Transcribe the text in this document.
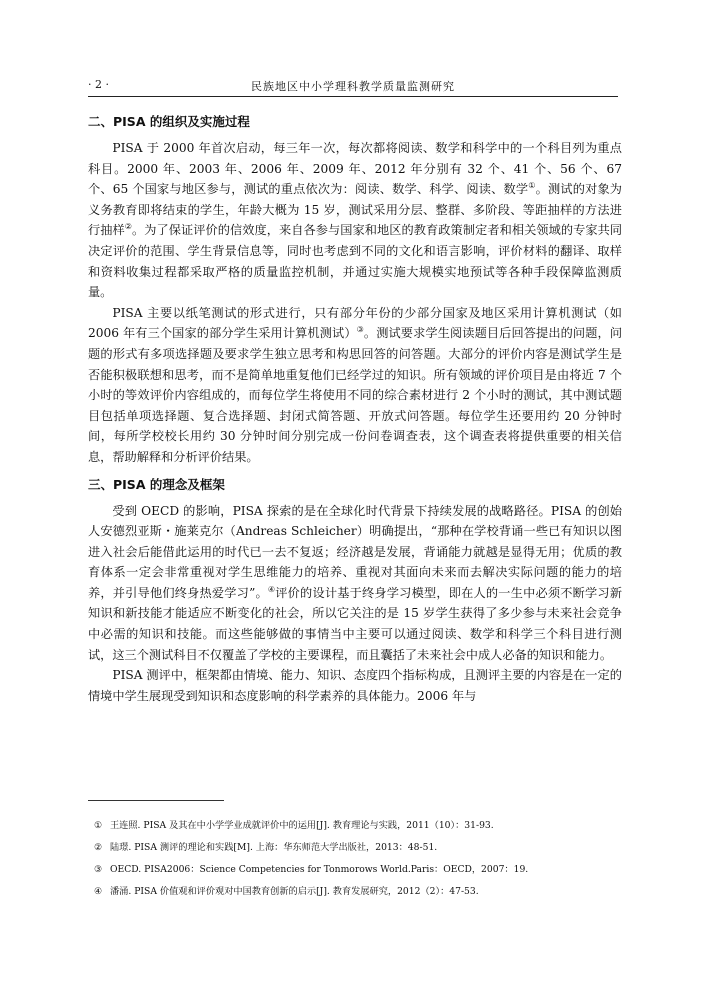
· 2 ·	民族地区中小学理科教学质量监测研究
二、PISA 的组织及实施过程

PISA 于 2000 年首次启动，每三年一次，每次都将阅读、数学和科学中的一个科目列为重点科目。2000 年、2003 年、2006 年、2009 年、2012 年分别有 32 个、41 个、56 个、67 个、65 个国家与地区参与，测试的重点依次为：阅读、数学、科学、阅读、数学①。测试的对象为义务教育即将结束的学生，年龄大概为 15 岁，测试采用分层、整群、多阶段、等距抽样的方法进行抽样②。为了保证评价的信效度，来自各参与国家和地区的教育政策制定者和相关领域的专家共同决定评价的范围、学生背景信息等，同时也考虑到不同的文化和语言影响，评价材料的翻译、取样和资料收集过程都采取严格的质量监控机制，并通过实施大规模实地预试等各种手段保障监测质量。

PISA 主要以纸笔测试的形式进行，只有部分年份的少部分国家及地区采用计算机测试（如 2006 年有三个国家的部分学生采用计算机测试）③。测试要求学生阅读题目后回答提出的问题，问题的形式有多项选择题及要求学生独立思考和构思回答的问答题。大部分的评价内容是测试学生是否能积极联想和思考，而不是简单地重复他们已经学过的知识。所有领域的评价项目是由将近 7 个小时的等效评价内容组成的，而每位学生将使用不同的综合素材进行 2 个小时的测试，其中测试题目包括单项选择题、复合选择题、封闭式简答题、开放式问答题。每位学生还要用约 20 分钟时间，每所学校校长用约 30 分钟时间分别完成一份问卷调查表，这个调查表将提供重要的相关信息，帮助解释和分析评价结果。

三、PISA 的理念及框架

受到 OECD 的影响，PISA 探索的是在全球化时代背景下持续发展的战略路径。PISA 的创始人安德烈亚斯・施莱克尔（Andreas Schleicher）明确提出，“那种在学校背诵一些已有知识以图进入社会后能借此运用的时代已一去不复返；经济越是发展，背诵能力就越是显得无用；优质的教育体系一定会非常重视对学生思维能力的培养、重视对其面向未来而去解决实际问题的能力的培养，并引导他们终身热爱学习”。④评价的设计基于终身学习模型，即在人的一生中必须不断学习新知识和新技能才能适应不断变化的社会，所以它关注的是 15 岁学生获得了多少参与未来社会竞争中必需的知识和技能。而这些能够做的事情当中主要可以通过阅读、数学和科学三个科目进行测试，这三个测试科目不仅覆盖了学校的主要课程，而且囊括了未来社会中成人必备的知识和能力。

PISA 测评中，框架都由情境、能力、知识、态度四个指标构成，且测评主要的内容是在一定的情境中学生展现受到知识和态度影响的科学素养的具体能力。2006 年与

① 王连照. PISA 及其在中小学学业成就评价中的运用[J]. 教育理论与实践，2011（10）：31-93.
② 陆璟. PISA 测评的理论和实践[M]. 上海：华东师范大学出版社，2013：48-51.
③ OECD. PISA2006：Science Competencies for Tonmorows World.Paris：OECD，2007：19.
④ 潘涌. PISA 价值观和评价观对中国教育创新的启示[J]. 教育发展研究，2012（2）：47-53.
